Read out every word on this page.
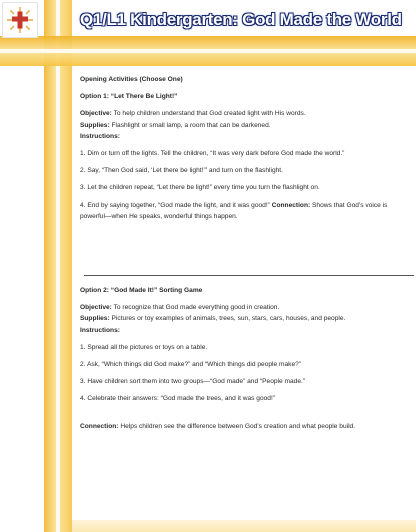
Q1/L1 Kindergarten: God Made the World

Opening Activities (Choose One)

Option 1: “Let There Be Light!”

Objective: To help children understand that God created light with His words.

Supplies: Flashlight or small lamp, a room that can be darkened.

Instructions:

1. Dim or turn off the lights. Tell the children, “It was very dark before God made the world.”

2. Say, “Then God said, ‘Let there be light!’” and turn on the flashlight.

3. Let the children repeat, “Let there be light!” every time you turn the flashlight on.

4. End by saying together, “God made the light, and it was good!” Connection: Shows that God’s voice is powerful—when He speaks, wonderful things happen.

Option 2: “God Made It!” Sorting Game

Objective: To recognize that God made everything good in creation.

Supplies: Pictures or toy examples of animals, trees, sun, stars, cars, houses, and people.

Instructions:

1. Spread all the pictures or toys on a table.

2. Ask, “Which things did God make?” and “Which things did people make?”

3. Have children sort them into two groups—“God made” and “People made.”

4. Celebrate their answers: “God made the trees, and it was good!”

Connection: Helps children see the difference between God’s creation and what people build.
